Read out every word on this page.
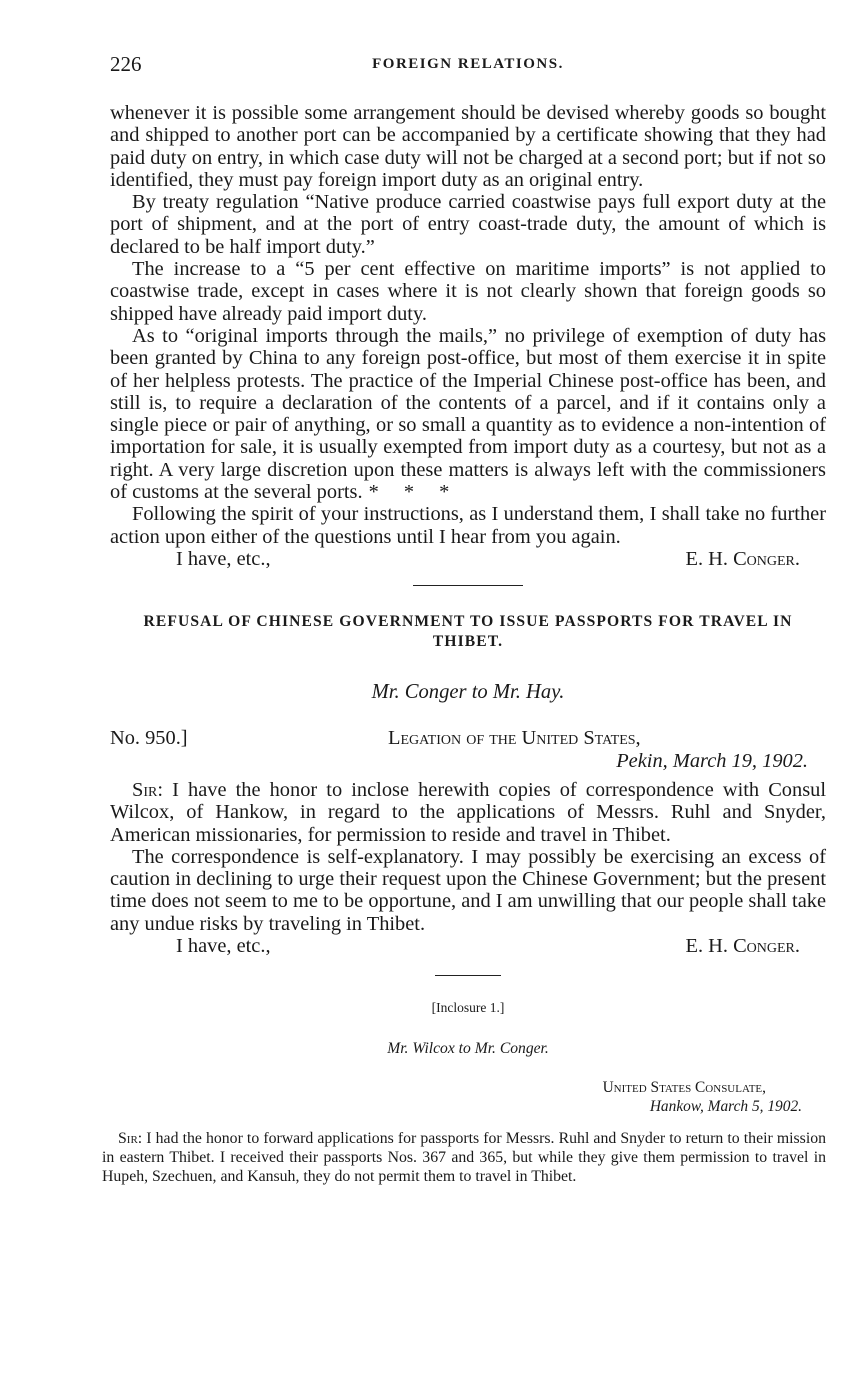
226	FOREIGN RELATIONS.

whenever it is possible some arrangement should be devised whereby goods so bought and shipped to another port can be accompanied by a certificate showing that they had paid duty on entry, in which case duty will not be charged at a second port; but if not so identified, they must pay foreign import duty as an original entry.

By treaty regulation “Native produce carried coastwise pays full export duty at the port of shipment, and at the port of entry coast-trade duty, the amount of which is declared to be half import duty.”

The increase to a “5 per cent effective on maritime imports” is not applied to coastwise trade, except in cases where it is not clearly shown that foreign goods so shipped have already paid import duty.

As to “original imports through the mails,” no privilege of exemption of duty has been granted by China to any foreign post-office, but most of them exercise it in spite of her helpless protests. The practice of the Imperial Chinese post-office has been, and still is, to require a declaration of the contents of a parcel, and if it contains only a single piece or pair of anything, or so small a quantity as to evidence a non-intention of importation for sale, it is usually exempted from import duty as a courtesy, but not as a right. A very large discretion upon these matters is always left with the commissioners of customs at the several ports. * * *

Following the spirit of your instructions, as I understand them, I shall take no further action upon either of the questions until I hear from you again.

I have, etc.,	E. H. Conger.
REFUSAL OF CHINESE GOVERNMENT TO ISSUE PASSPORTS FOR TRAVEL IN THIBET.
Mr. Conger to Mr. Hay.
No. 950.]	Legation of the United States,
Pekin, March 19, 1902.

Sir: I have the honor to inclose herewith copies of correspondence with Consul Wilcox, of Hankow, in regard to the applications of Messrs. Ruhl and Snyder, American missionaries, for permission to reside and travel in Thibet.

The correspondence is self-explanatory. I may possibly be exercising an excess of caution in declining to urge their request upon the Chinese Government; but the present time does not seem to me to be opportune, and I am unwilling that our people shall take any undue risks by traveling in Thibet.

I have, etc.,	E. H. Conger.
[Inclosure 1.]
Mr. Wilcox to Mr. Conger.
United States Consulate,
Hankow, March 5, 1902.

Sir: I had the honor to forward applications for passports for Messrs. Ruhl and Snyder to return to their mission in eastern Thibet. I received their passports Nos. 367 and 365, but while they give them permission to travel in Hupeh, Szechuen, and Kansuh, they do not permit them to travel in Thibet.
